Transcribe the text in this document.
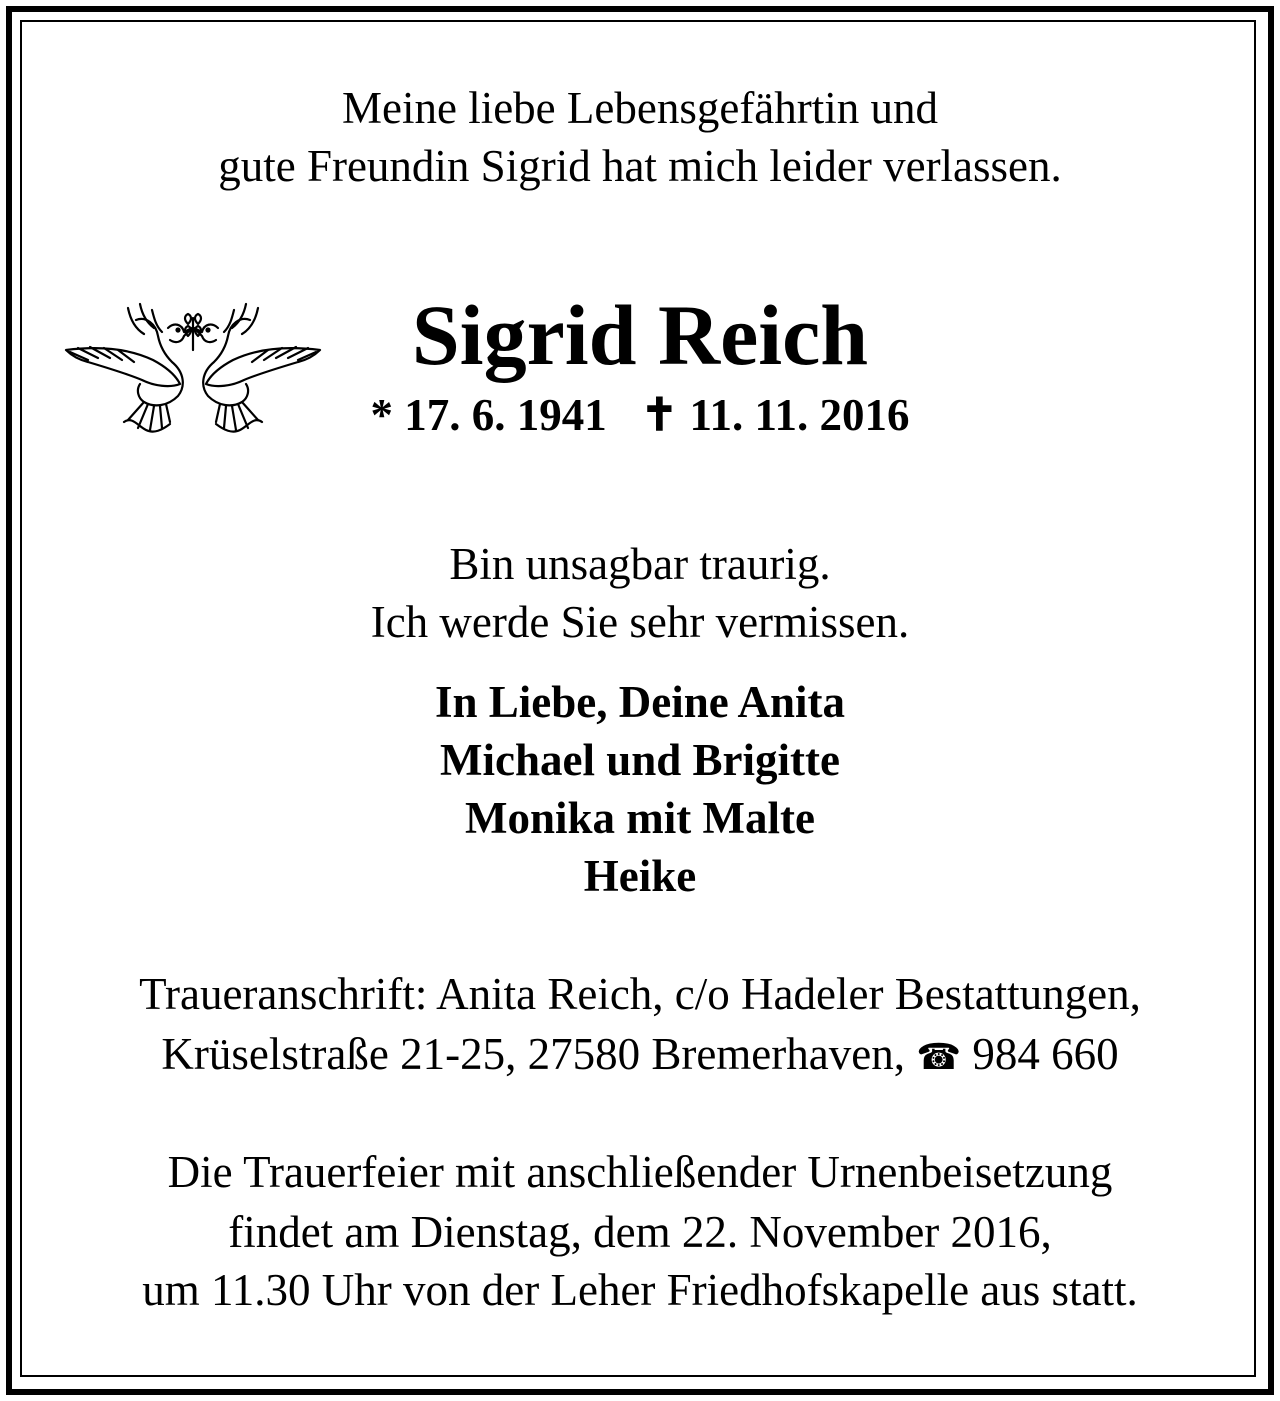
Meine liebe Lebensgefährtin und

gute Freundin Sigrid hat mich leider verlassen.

Sigrid Reich

* 17. 6. 1941 ✝ 11. 11. 2016

Bin unsagbar traurig.

Ich werde Sie sehr vermissen.

In Liebe, Deine Anita

Michael und Brigitte

Monika mit Malte

Heike

Traueranschrift: Anita Reich, c/o Hadeler Bestattungen,

Krüselstraße 21-25, 27580 Bremerhaven, ☎ 984 660

Die Trauerfeier mit anschließender Urnenbeisetzung

findet am Dienstag, dem 22. November 2016,

um 11.30 Uhr von der Leher Friedhofskapelle aus statt.
